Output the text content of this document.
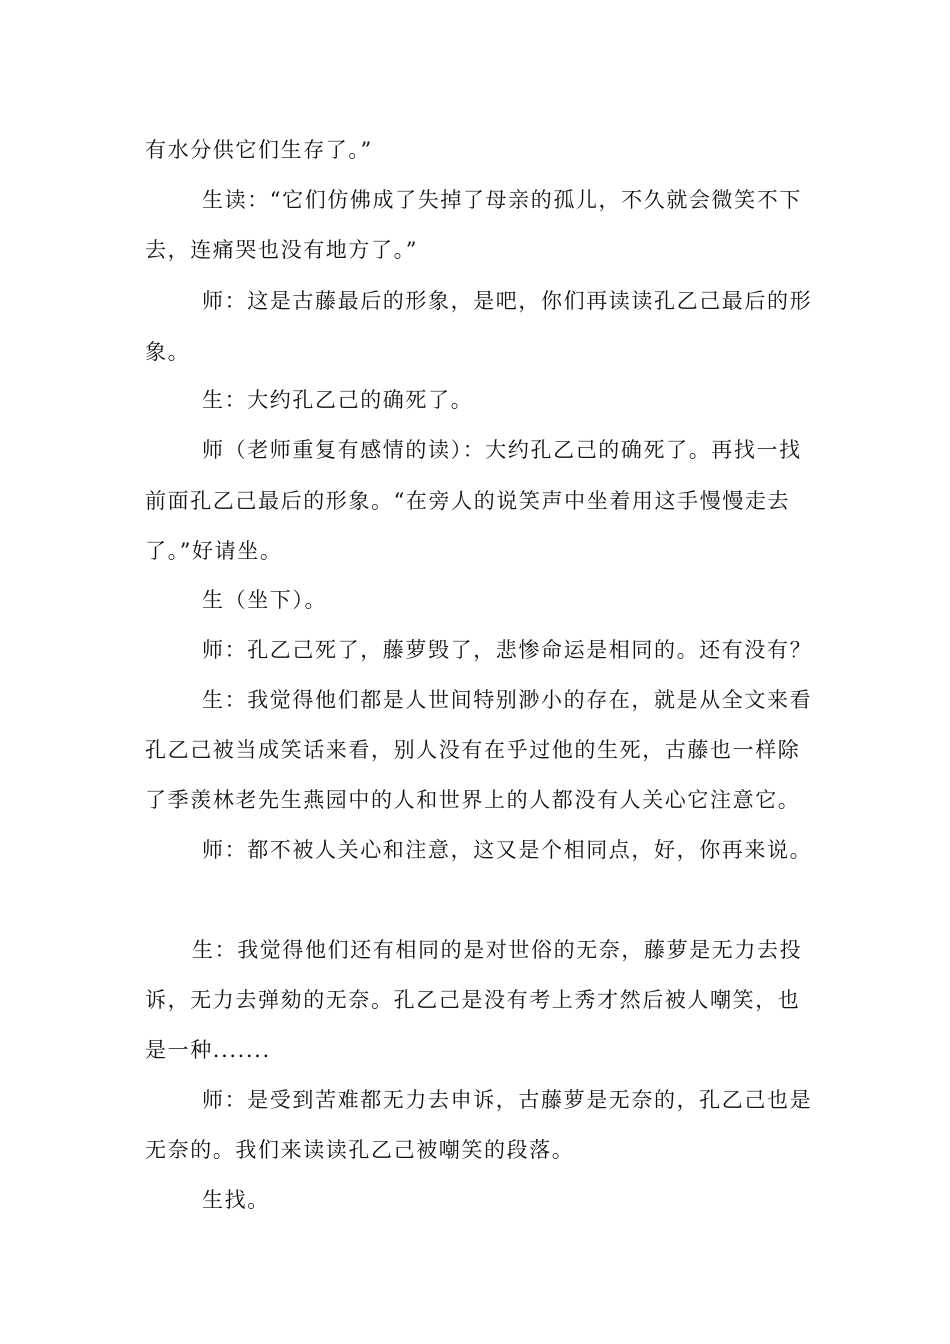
有水分供它们生存了。”
生读：“它们仿佛成了失掉了母亲的孤儿，不久就会微笑不下
去，连痛哭也没有地方了。”
师：这是古藤最后的形象，是吧，你们再读读孔乙己最后的形
象。
生：大约孔乙己的确死了。
师（老师重复有感情的读）：大约孔乙己的确死了。再找一找
前面孔乙己最后的形象。“在旁人的说笑声中坐着用这手慢慢走去
了。”好请坐。
生（坐下）。
师：孔乙己死了，藤萝毁了，悲惨命运是相同的。还有没有？
生：我觉得他们都是人世间特别渺小的存在，就是从全文来看
孔乙己被当成笑话来看，别人没有在乎过他的生死，古藤也一样除
了季羡林老先生燕园中的人和世界上的人都没有人关心它注意它。
师：都不被人关心和注意，这又是个相同点，好，你再来说。
生：我觉得他们还有相同的是对世俗的无奈，藤萝是无力去投
诉，无力去弹劾的无奈。孔乙己是没有考上秀才然后被人嘲笑，也
是一种.......
师：是受到苦难都无力去申诉，古藤萝是无奈的，孔乙己也是
无奈的。我们来读读孔乙己被嘲笑的段落。
生找。
